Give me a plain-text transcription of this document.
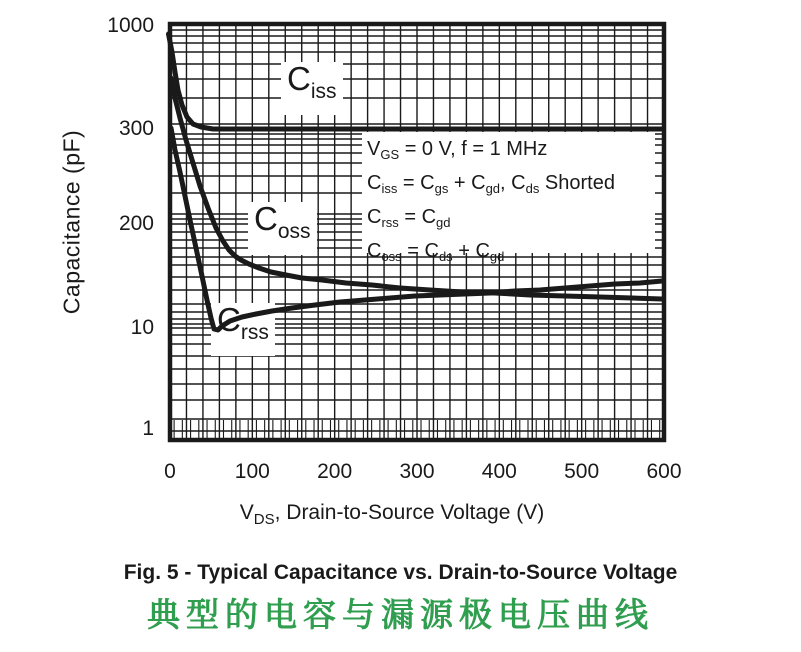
Capacitance (pF)
$V_{DS}$, Drain-to-Source Voltage (V)
$C_{iss}$
$C_{oss}$
$C_{rss}$
$V_{GS} = 0$ V, f = 1 MHz
$C_{iss} = C_{gs} + C_{gd}$, $C_{ds}$ Shorted
$C_{rss} = C_{gd}$
$C_{oss} = C_{ds} + C_{gd}$
Fig. 5 - Typical Capacitance vs. Drain-to-Source Voltage
典型的电容与漏源极电压曲线
1000
300
200
10
1
0	100	200	300	400	500	600
